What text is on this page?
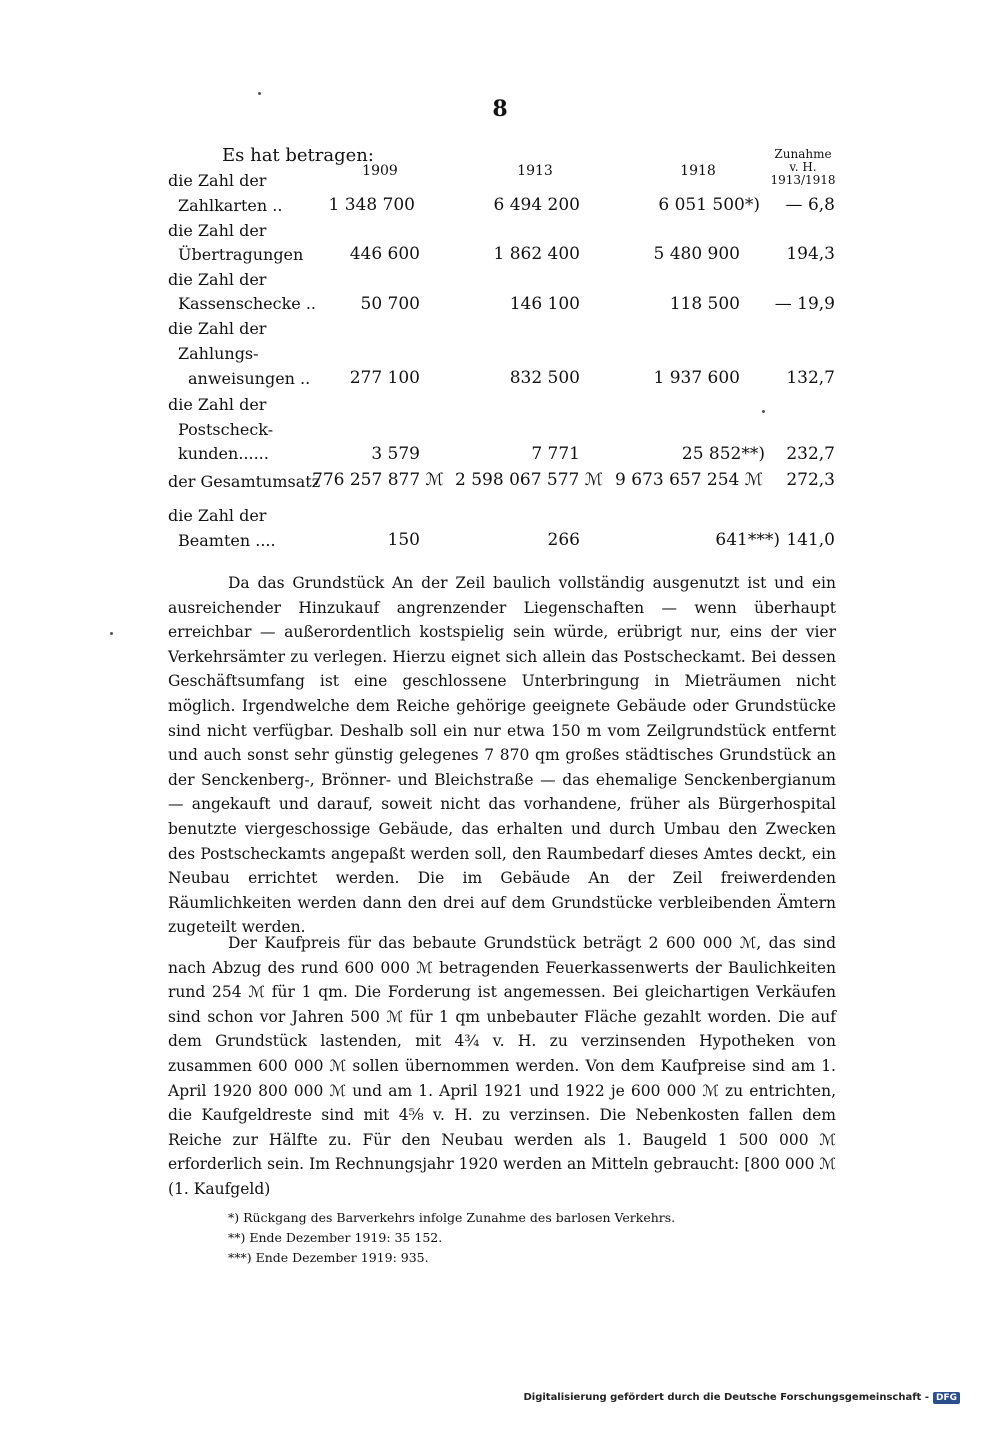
8
Es hat betragen:
1909	1913	1918
Zunahme
v. H.
1913/1918
die Zahl der
Zahlkarten ..	1 348 700	6 494 200	6 051 500*)	— 6,8
die Zahl der
Übertragungen	446 600	1 862 400	5 480 900	194,3
die Zahl der
Kassenschecke ..	50 700	146 100	118 500	— 19,9
die Zahl der
Zahlungs-
anweisungen ..	277 100	832 500	1 937 600	132,7
die Zahl der
Postscheck-
kunden......	3 579	7 771	25 852**)	232,7
der Gesamtumsatz
776 257 877 ℳ 2 598 067 577 ℳ 9 673 657 254 ℳ	272,3
die Zahl der
Beamten ....	150	266	641***) 141,0
Da das Grundstück An der Zeil baulich vollständig ausgenutzt ist und ein ausreichender Hinzukauf angrenzender Liegenschaften — wenn überhaupt erreichbar — außerordentlich kostspielig sein würde, erübrigt nur, eins der vier Verkehrsämter zu verlegen. Hierzu eignet sich allein das Postscheckamt. Bei dessen Geschäftsumfang ist eine geschlossene Unterbringung in Mieträumen nicht möglich. Irgendwelche dem Reiche gehörige geeignete Gebäude oder Grundstücke sind nicht verfügbar. Deshalb soll ein nur etwa 150 m vom Zeilgrundstück entfernt und auch sonst sehr günstig gelegenes 7 870 qm großes städtisches Grundstück an der Senckenberg-, Brönner- und Bleichstraße — das ehemalige Senckenbergianum — angekauft und darauf, soweit nicht das vorhandene, früher als Bürgerhospital benutzte viergeschossige Gebäude, das erhalten und durch Umbau den Zwecken des Postscheckamts angepaßt werden soll, den Raumbedarf dieses Amtes deckt, ein Neubau errichtet werden. Die im Gebäude An der Zeil freiwerdenden Räumlichkeiten werden dann den drei auf dem Grundstücke verbleibenden Ämtern zugeteilt werden.
Der Kaufpreis für das bebaute Grundstück beträgt 2 600 000 ℳ, das sind nach Abzug des rund 600 000 ℳ betragenden Feuerkassenwerts der Baulichkeiten rund 254 ℳ für 1 qm. Die Forderung ist angemessen. Bei gleichartigen Verkäufen sind schon vor Jahren 500 ℳ für 1 qm unbebauter Fläche gezahlt worden. Die auf dem Grundstück lastenden, mit 4¾ v. H. zu verzinsenden Hypotheken von zusammen 600 000 ℳ sollen übernommen werden. Von dem Kaufpreise sind am 1. April 1920 800 000 ℳ und am 1. April 1921 und 1922 je 600 000 ℳ zu entrichten, die Kaufgeldreste sind mit 4⅝ v. H. zu verzinsen. Die Nebenkosten fallen dem Reiche zur Hälfte zu. Für den Neubau werden als 1. Baugeld 1 500 000 ℳ erforderlich sein. Im Rechnungsjahr 1920 werden an Mitteln gebraucht: [800 000 ℳ (1. Kaufgeld)
*) Rückgang des Barverkehrs infolge Zunahme des barlosen Verkehrs.
**) Ende Dezember 1919: 35 152.
***) Ende Dezember 1919: 935.
Digitalisierung gefördert durch die Deutsche Forschungsgemeinschaft - DFG
